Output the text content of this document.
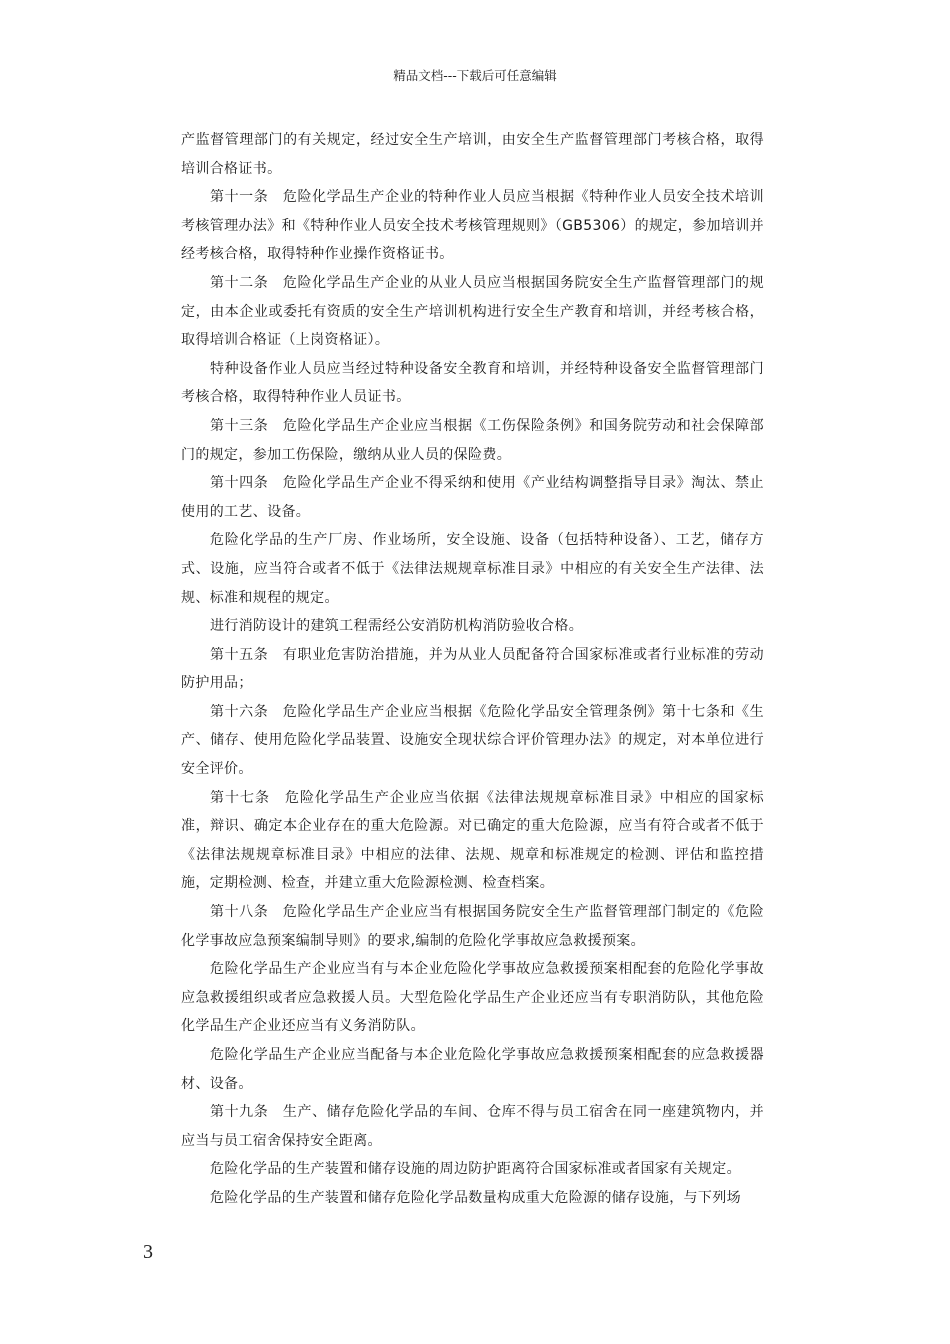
精品文档---下载后可任意编辑

产监督管理部门的有关规定，经过安全生产培训，由安全生产监督管理部门考核合格，取得培训合格证书。

第十一条　危险化学品生产企业的特种作业人员应当根据《特种作业人员安全技术培训考核管理办法》和《特种作业人员安全技术考核管理规则》（GB5306）的规定，参加培训并经考核合格，取得特种作业操作资格证书。

第十二条　危险化学品生产企业的从业人员应当根据国务院安全生产监督管理部门的规定，由本企业或委托有资质的安全生产培训机构进行安全生产教育和培训，并经考核合格，取得培训合格证（上岗资格证）。

特种设备作业人员应当经过特种设备安全教育和培训，并经特种设备安全监督管理部门考核合格，取得特种作业人员证书。

第十三条　危险化学品生产企业应当根据《工伤保险条例》和国务院劳动和社会保障部门的规定，参加工伤保险，缴纳从业人员的保险费。

第十四条　危险化学品生产企业不得采纳和使用《产业结构调整指导目录》淘汰、禁止使用的工艺、设备。

危险化学品的生产厂房、作业场所，安全设施、设备（包括特种设备）、工艺，储存方式、设施，应当符合或者不低于《法律法规规章标准目录》中相应的有关安全生产法律、法规、标准和规程的规定。

进行消防设计的建筑工程需经公安消防机构消防验收合格。

第十五条　有职业危害防治措施，并为从业人员配备符合国家标准或者行业标准的劳动防护用品；

第十六条　危险化学品生产企业应当根据《危险化学品安全管理条例》第十七条和《生产、储存、使用危险化学品装置、设施安全现状综合评价管理办法》的规定，对本单位进行安全评价。

第十七条　危险化学品生产企业应当依据《法律法规规章标准目录》中相应的国家标准，辩识、确定本企业存在的重大危险源。对已确定的重大危险源，应当有符合或者不低于《法律法规规章标准目录》中相应的法律、法规、规章和标准规定的检测、评估和监控措施，定期检测、检查，并建立重大危险源检测、检查档案。

第十八条　危险化学品生产企业应当有根据国务院安全生产监督管理部门制定的《危险化学事故应急预案编制导则》的要求,编制的危险化学事故应急救援预案。

危险化学品生产企业应当有与本企业危险化学事故应急救援预案相配套的危险化学事故应急救援组织或者应急救援人员。大型危险化学品生产企业还应当有专职消防队，其他危险化学品生产企业还应当有义务消防队。

危险化学品生产企业应当配备与本企业危险化学事故应急救援预案相配套的应急救援器材、设备。

第十九条　生产、储存危险化学品的车间、仓库不得与员工宿舍在同一座建筑物内，并应当与员工宿舍保持安全距离。

危险化学品的生产装置和储存设施的周边防护距离符合国家标准或者国家有关规定。

危险化学品的生产装置和储存危险化学品数量构成重大危险源的储存设施，与下列场

3
